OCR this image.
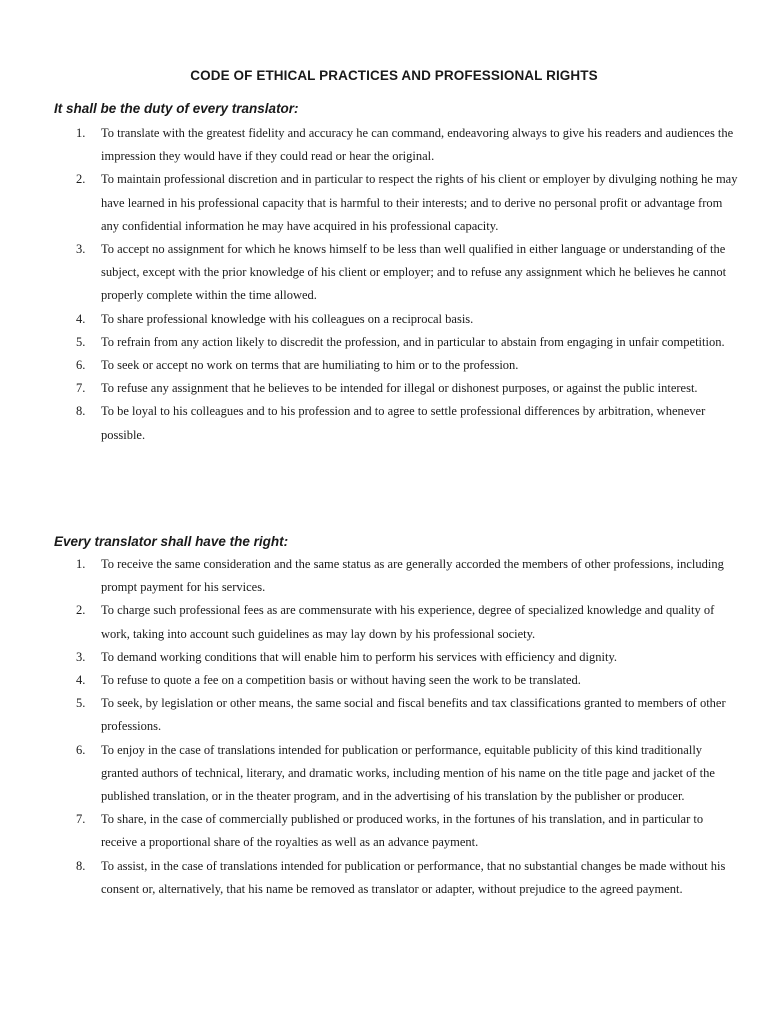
CODE OF ETHICAL PRACTICES AND PROFESSIONAL RIGHTS
It shall be the duty of every translator:
1. To translate with the greatest fidelity and accuracy he can command, endeavoring always to give his readers and audiences the impression they would have if they could read or hear the original.
2. To maintain professional discretion and in particular to respect the rights of his client or employer by divulging nothing he may have learned in his professional capacity that is harmful to their interests; and to derive no personal profit or advantage from any confidential information he may have acquired in his professional capacity.
3. To accept no assignment for which he knows himself to be less than well qualified in either language or understanding of the subject, except with the prior knowledge of his client or employer; and to refuse any assignment which he believes he cannot properly complete within the time allowed.
4. To share professional knowledge with his colleagues on a reciprocal basis.
5. To refrain from any action likely to discredit the profession, and in particular to abstain from engaging in unfair competition.
6. To seek or accept no work on terms that are humiliating to him or to the profession.
7. To refuse any assignment that he believes to be intended for illegal or dishonest purposes, or against the public interest.
8. To be loyal to his colleagues and to his profession and to agree to settle professional differences by arbitration, whenever possible.
Every translator shall have the right:
1. To receive the same consideration and the same status as are generally accorded the members of other professions, including prompt payment for his services.
2. To charge such professional fees as are commensurate with his experience, degree of specialized knowledge and quality of work, taking into account such guidelines as may lay down by his professional society.
3. To demand working conditions that will enable him to perform his services with efficiency and dignity.
4. To refuse to quote a fee on a competition basis or without having seen the work to be translated.
5. To seek, by legislation or other means, the same social and fiscal benefits and tax classifications granted to members of other professions.
6. To enjoy in the case of translations intended for publication or performance, equitable publicity of this kind traditionally granted authors of technical, literary, and dramatic works, including mention of his name on the title page and jacket of the published translation, or in the theater program, and in the advertising of his translation by the publisher or producer.
7. To share, in the case of commercially published or produced works, in the fortunes of his translation, and in particular to receive a proportional share of the royalties as well as an advance payment.
8. To assist, in the case of translations intended for publication or performance, that no substantial changes be made without his consent or, alternatively, that his name be removed as translator or adapter, without prejudice to the agreed payment.
